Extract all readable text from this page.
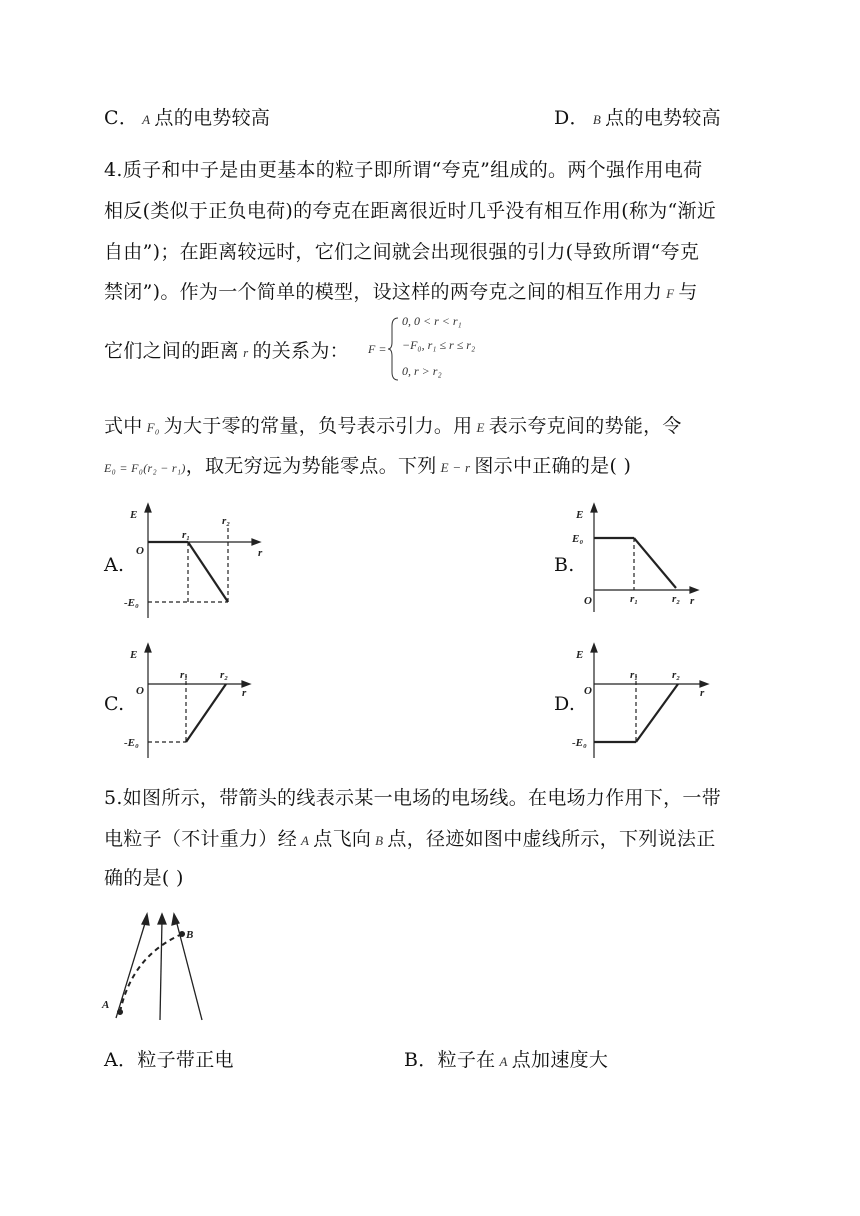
C． A 点的电势较高	D． B 点的电势较高
4.质子和中子是由更基本的粒子即所谓“夸克”组成的。两个强作用电荷
相反(类似于正负电荷)的夸克在距离很近时几乎没有相互作用(称为“渐近
自由”)；在距离较远时，它们之间就会出现很强的引力(导致所谓“夸克
禁闭”)。作为一个简单的模型，设这样的两夸克之间的相互作用力 F 与
它们之间的距离 r 的关系为： F =
0, 0 < r < r₁
−F₀, r₁ ≤ r ≤ r₂
0, r > r₂
式中 F₀ 为大于零的常量，负号表示引力。用 E 表示夸克间的势能，令
E₀ = F₀(r₂ − r₁)，取无穷远为势能零点。下列 E − r 图示中正确的是( )
A.	B.
C.	D.
E
O	r
r₁
r₂
-E₀
E
E₀
O	r
r₁	r₂
E
O	r
r₁	r₂
-E₀
E
O	r
r₁	r₂
-E₀
5.如图所示，带箭头的线表示某一电场的电场线。在电场力作用下，一带
电粒子（不计重力）经 A 点飞向 B 点，径迹如图中虚线所示，下列说法正
确的是( )
A
B
A．粒子带正电	B．粒子在 A 点加速度大
